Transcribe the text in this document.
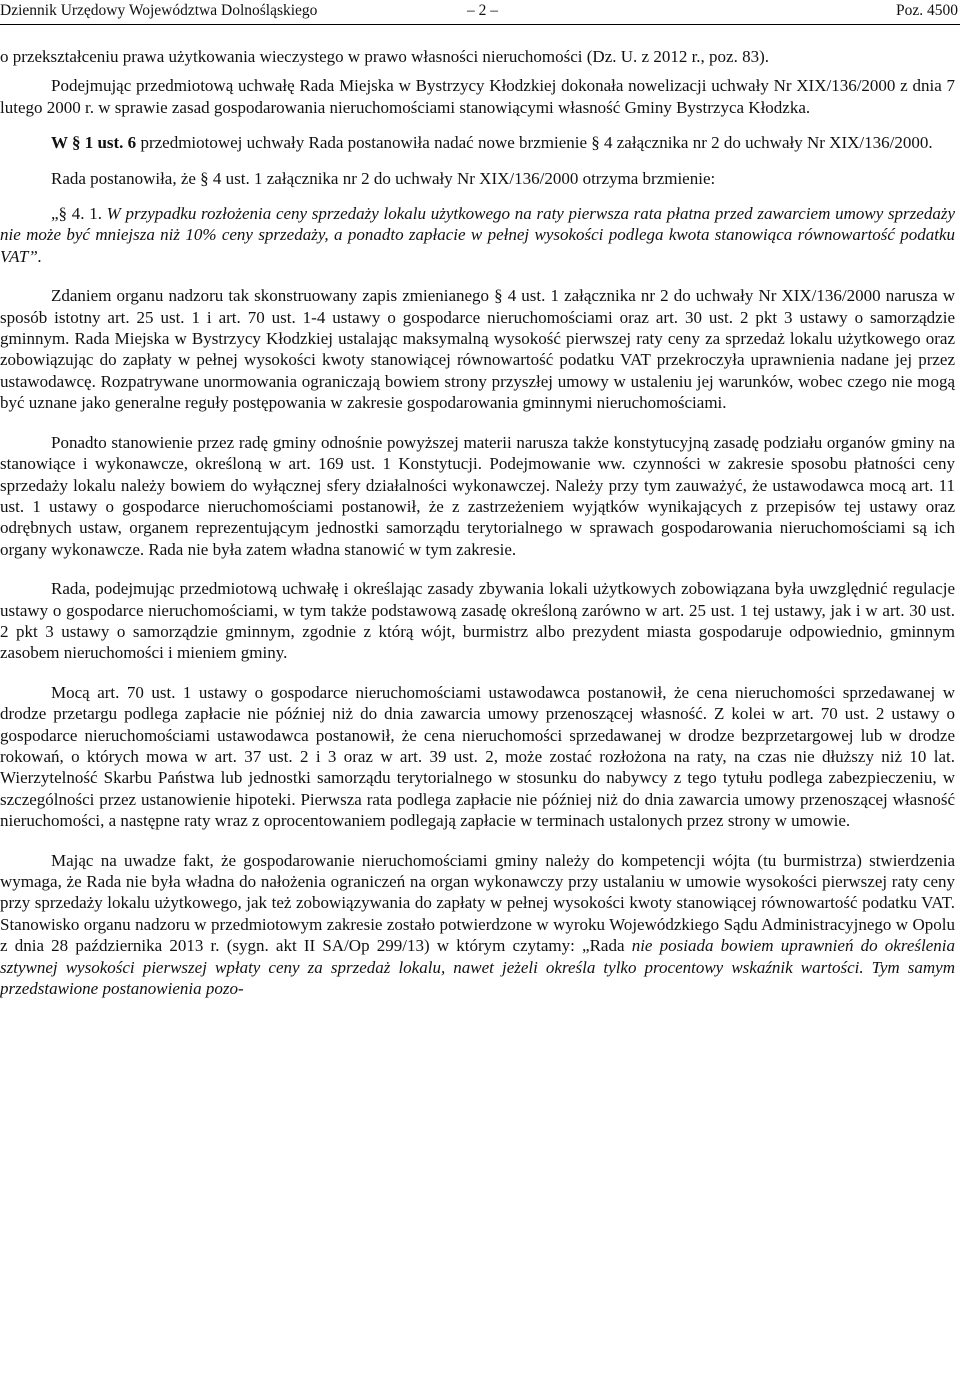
Dziennik Urzędowy Województwa Dolnośląskiego	– 2 –	Poz. 4500

o przekształceniu prawa użytkowania wieczystego w prawo własności nieruchomości (Dz. U. z 2012 r., poz. 83).

Podejmując przedmiotową uchwałę Rada Miejska w Bystrzycy Kłodzkiej dokonała nowelizacji uchwały Nr XIX/136/2000 z dnia 7 lutego 2000 r. w sprawie zasad gospodarowania nieruchomościami stanowiącymi własność Gminy Bystrzyca Kłodzka.

W § 1 ust. 6 przedmiotowej uchwały Rada postanowiła nadać nowe brzmienie § 4 załącznika nr 2 do uchwały Nr XIX/136/2000.

Rada postanowiła, że § 4 ust. 1 załącznika nr 2 do uchwały Nr XIX/136/2000 otrzyma brzmienie:

„§ 4. 1. W przypadku rozłożenia ceny sprzedaży lokalu użytkowego na raty pierwsza rata płatna przed zawarciem umowy sprzedaży nie może być mniejsza niż 10% ceny sprzedaży, a ponadto zapłacie w pełnej wysokości podlega kwota stanowiąca równowartość podatku VAT”.

Zdaniem organu nadzoru tak skonstruowany zapis zmienianego § 4 ust. 1 załącznika nr 2 do uchwały Nr XIX/136/2000 narusza w sposób istotny art. 25 ust. 1 i art. 70 ust. 1-4 ustawy o gospodarce nieruchomościami oraz art. 30 ust. 2 pkt 3 ustawy o samorządzie gminnym. Rada Miejska w Bystrzycy Kłodzkiej ustalając maksymalną wysokość pierwszej raty ceny za sprzedaż lokalu użytkowego oraz zobowiązując do zapłaty w pełnej wysokości kwoty stanowiącej równowartość podatku VAT przekroczyła uprawnienia nadane jej przez ustawodawcę. Rozpatrywane unormowania ograniczają bowiem strony przyszłej umowy w ustaleniu jej warunków, wobec czego nie mogą być uznane jako generalne reguły postępowania w zakresie gospodarowania gminnymi nieruchomościami.

Ponadto stanowienie przez radę gminy odnośnie powyższej materii narusza także konstytucyjną zasadę podziału organów gminy na stanowiące i wykonawcze, określoną w art. 169 ust. 1 Konstytucji. Podejmowanie ww. czynności w zakresie sposobu płatności ceny sprzedaży lokalu należy bowiem do wyłącznej sfery działalności wykonawczej. Należy przy tym zauważyć, że ustawodawca mocą art. 11 ust. 1 ustawy o gospodarce nieruchomościami postanowił, że z zastrzeżeniem wyjątków wynikających z przepisów tej ustawy oraz odrębnych ustaw, organem reprezentującym jednostki samorządu terytorialnego w sprawach gospodarowania nieruchomościami są ich organy wykonawcze. Rada nie była zatem władna stanowić w tym zakresie.

Rada, podejmując przedmiotową uchwałę i określając zasady zbywania lokali użytkowych zobowiązana była uwzględnić regulacje ustawy o gospodarce nieruchomościami, w tym także podstawową zasadę określoną zarówno w art. 25 ust. 1 tej ustawy, jak i w art. 30 ust. 2 pkt 3 ustawy o samorządzie gminnym, zgodnie z którą wójt, burmistrz albo prezydent miasta gospodaruje odpowiednio, gminnym zasobem nieruchomości i mieniem gminy.

Mocą art. 70 ust. 1 ustawy o gospodarce nieruchomościami ustawodawca postanowił, że cena nieruchomości sprzedawanej w drodze przetargu podlega zapłacie nie później niż do dnia zawarcia umowy przenoszącej własność. Z kolei w art. 70 ust. 2 ustawy o gospodarce nieruchomościami ustawodawca postanowił, że cena nieruchomości sprzedawanej w drodze bezprzetargowej lub w drodze rokowań, o których mowa w art. 37 ust. 2 i 3 oraz w art. 39 ust. 2, może zostać rozłożona na raty, na czas nie dłuższy niż 10 lat. Wierzytelność Skarbu Państwa lub jednostki samorządu terytorialnego w stosunku do nabywcy z tego tytułu podlega zabezpieczeniu, w szczególności przez ustanowienie hipoteki. Pierwsza rata podlega zapłacie nie później niż do dnia zawarcia umowy przenoszącej własność nieruchomości, a następne raty wraz z oprocentowaniem podlegają zapłacie w terminach ustalonych przez strony w umowie.

Mając na uwadze fakt, że gospodarowanie nieruchomościami gminy należy do kompetencji wójta (tu burmistrza) stwierdzenia wymaga, że Rada nie była władna do nałożenia ograniczeń na organ wykonawczy przy ustalaniu w umowie wysokości pierwszej raty ceny przy sprzedaży lokalu użytkowego, jak też zobowiązywania do zapłaty w pełnej wysokości kwoty stanowiącej równowartość podatku VAT. Stanowisko organu nadzoru w przedmiotowym zakresie zostało potwierdzone w wyroku Wojewódzkiego Sądu Administracyjnego w Opolu z dnia 28 października 2013 r. (sygn. akt II SA/Op 299/13) w którym czytamy: „Rada nie posiada bowiem uprawnień do określenia sztywnej wysokości pierwszej wpłaty ceny za sprzedaż lokalu, nawet jeżeli określa tylko procentowy wskaźnik wartości. Tym samym przedstawione postanowienia pozo-
